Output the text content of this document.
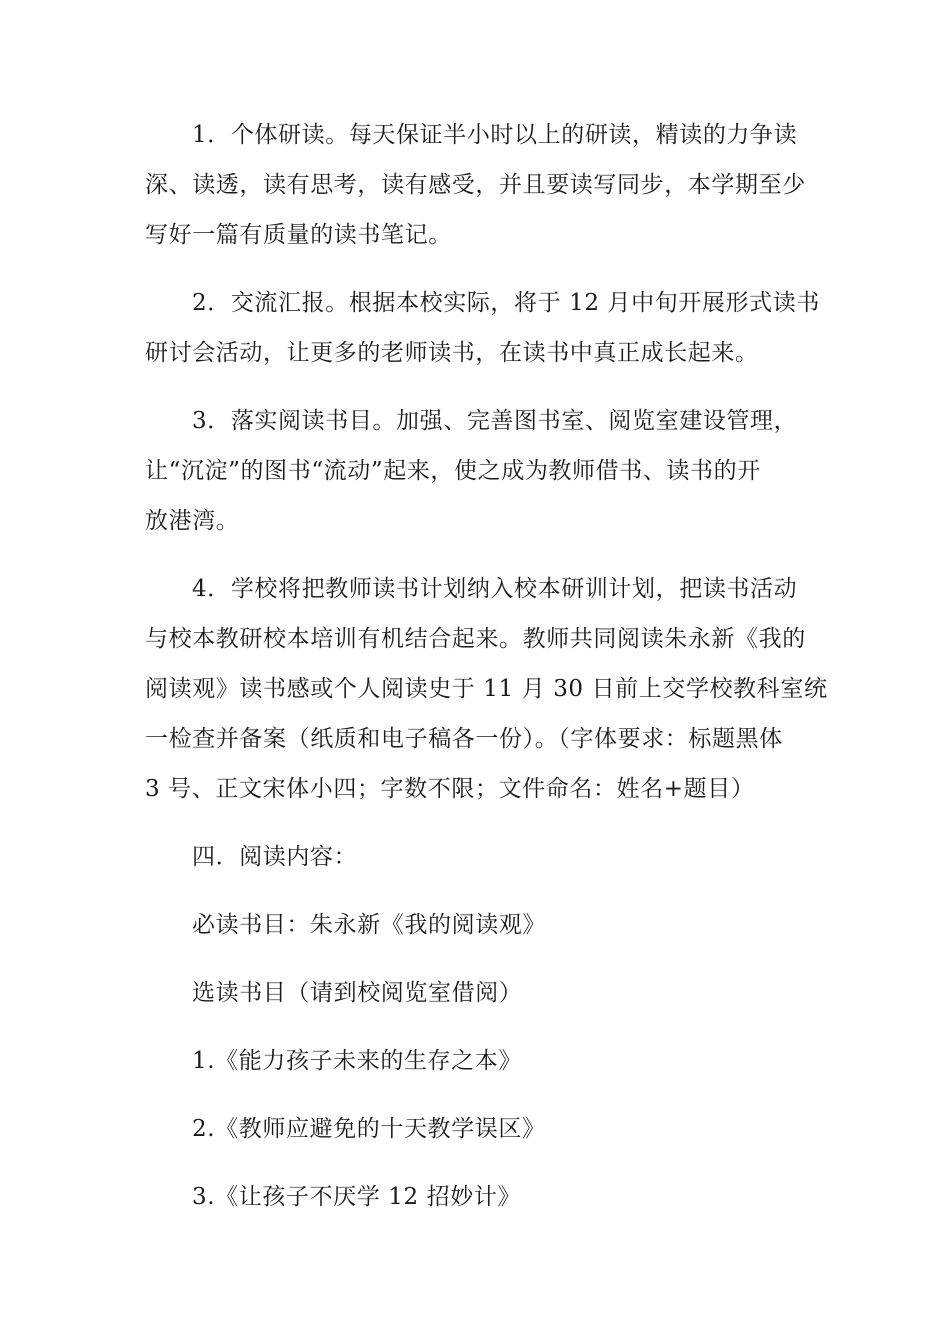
1．个体研读。每天保证半小时以上的研读，精读的力争读
深、读透，读有思考，读有感受，并且要读写同步，本学期至少
写好一篇有质量的读书笔记。
2．交流汇报。根据本校实际，将于 12 月中旬开展形式读书
研讨会活动，让更多的老师读书，在读书中真正成长起来。
3．落实阅读书目。加强、完善图书室、阅览室建设管理，
让“沉淀”的图书“流动”起来，使之成为教师借书、读书的开
放港湾。
4．学校将把教师读书计划纳入校本研训计划，把读书活动
与校本教研校本培训有机结合起来。教师共同阅读朱永新《我的
阅读观》读书感或个人阅读史于 11 月 30 日前上交学校教科室统
一检查并备案（纸质和电子稿各一份）。（字体要求：标题黑体
3 号、正文宋体小四；字数不限；文件命名：姓名+题目）
四．阅读内容：
必读书目：朱永新《我的阅读观》
选读书目（请到校阅览室借阅）
1.《能力孩子未来的生存之本》
2.《教师应避免的十天教学误区》
3.《让孩子不厌学 12 招妙计》
